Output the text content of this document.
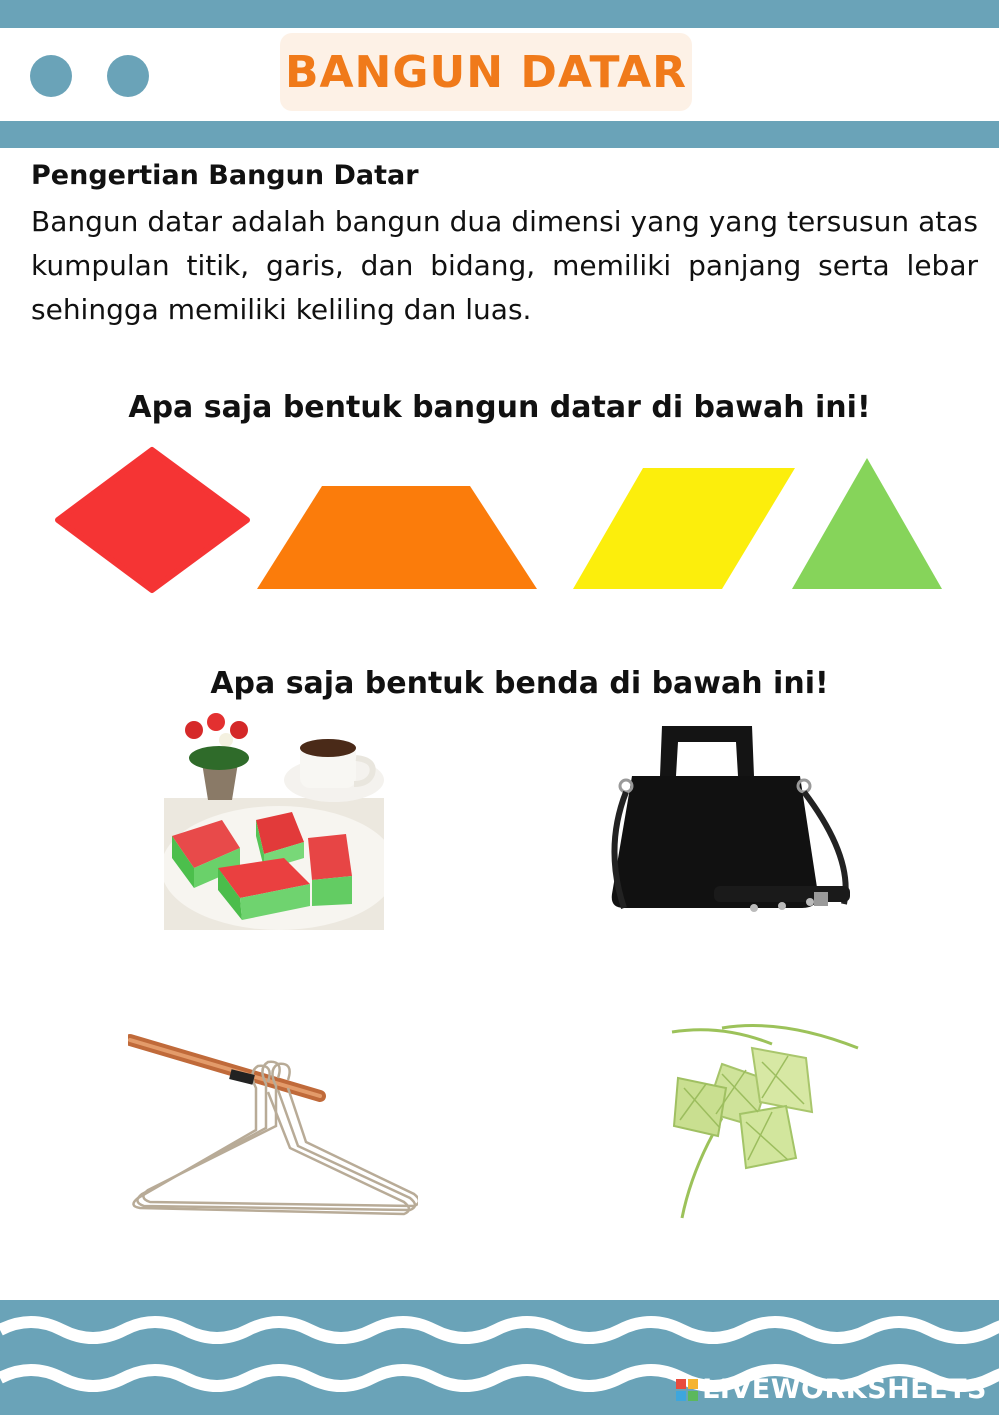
BANGUN DATAR
Pengertian Bangun Datar
Bangun datar adalah bangun dua dimensi yang yang tersusun atas kumpulan titik, garis, dan bidang, memiliki panjang serta lebar sehingga memiliki keliling dan luas.
Apa saja bentuk bangun datar di bawah ini!
Apa saja bentuk benda di bawah ini!
LIVEWORKSHEETS
